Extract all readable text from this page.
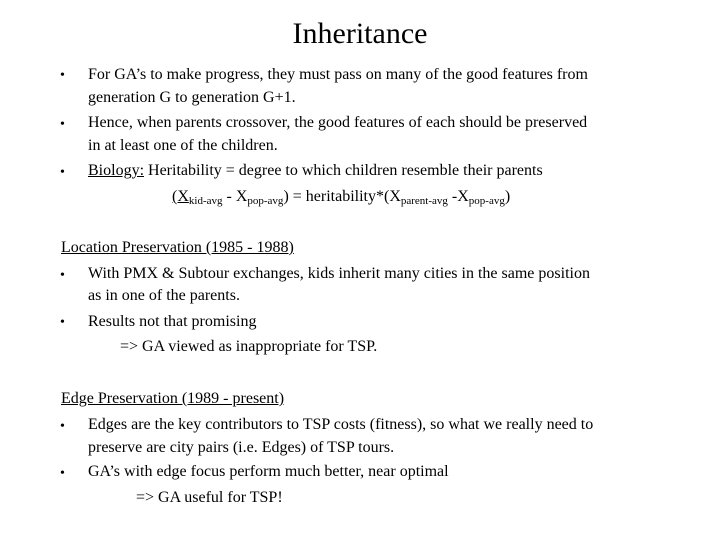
Inheritance
• For GA’s to make progress, they must pass on many of the good features from
generation G to generation G+1.
• Hence, when parents crossover, the good features of each should be preserved
in at least one of the children.
• Biology: Heritability = degree to which children resemble their parents
$(X_{kid-avg} - X_{pop-avg})$ = $heritability*(X_{parent-avg}$ $-X_{pop-avg}$)
Location Preservation (1985 - 1988)
• With PMX & Subtour exchanges, kids inherit many cities in the same position
as in one of the parents.
• Results not that promising
=> GA viewed as inappropriate for TSP.
Edge Preservation (1989 - present)
• Edges are the key contributors to TSP costs (fitness), so what we really need to
preserve are city pairs (i.e. Edges) of TSP tours.
• GA’s with edge focus perform much better, near optimal
=> GA useful for TSP!
